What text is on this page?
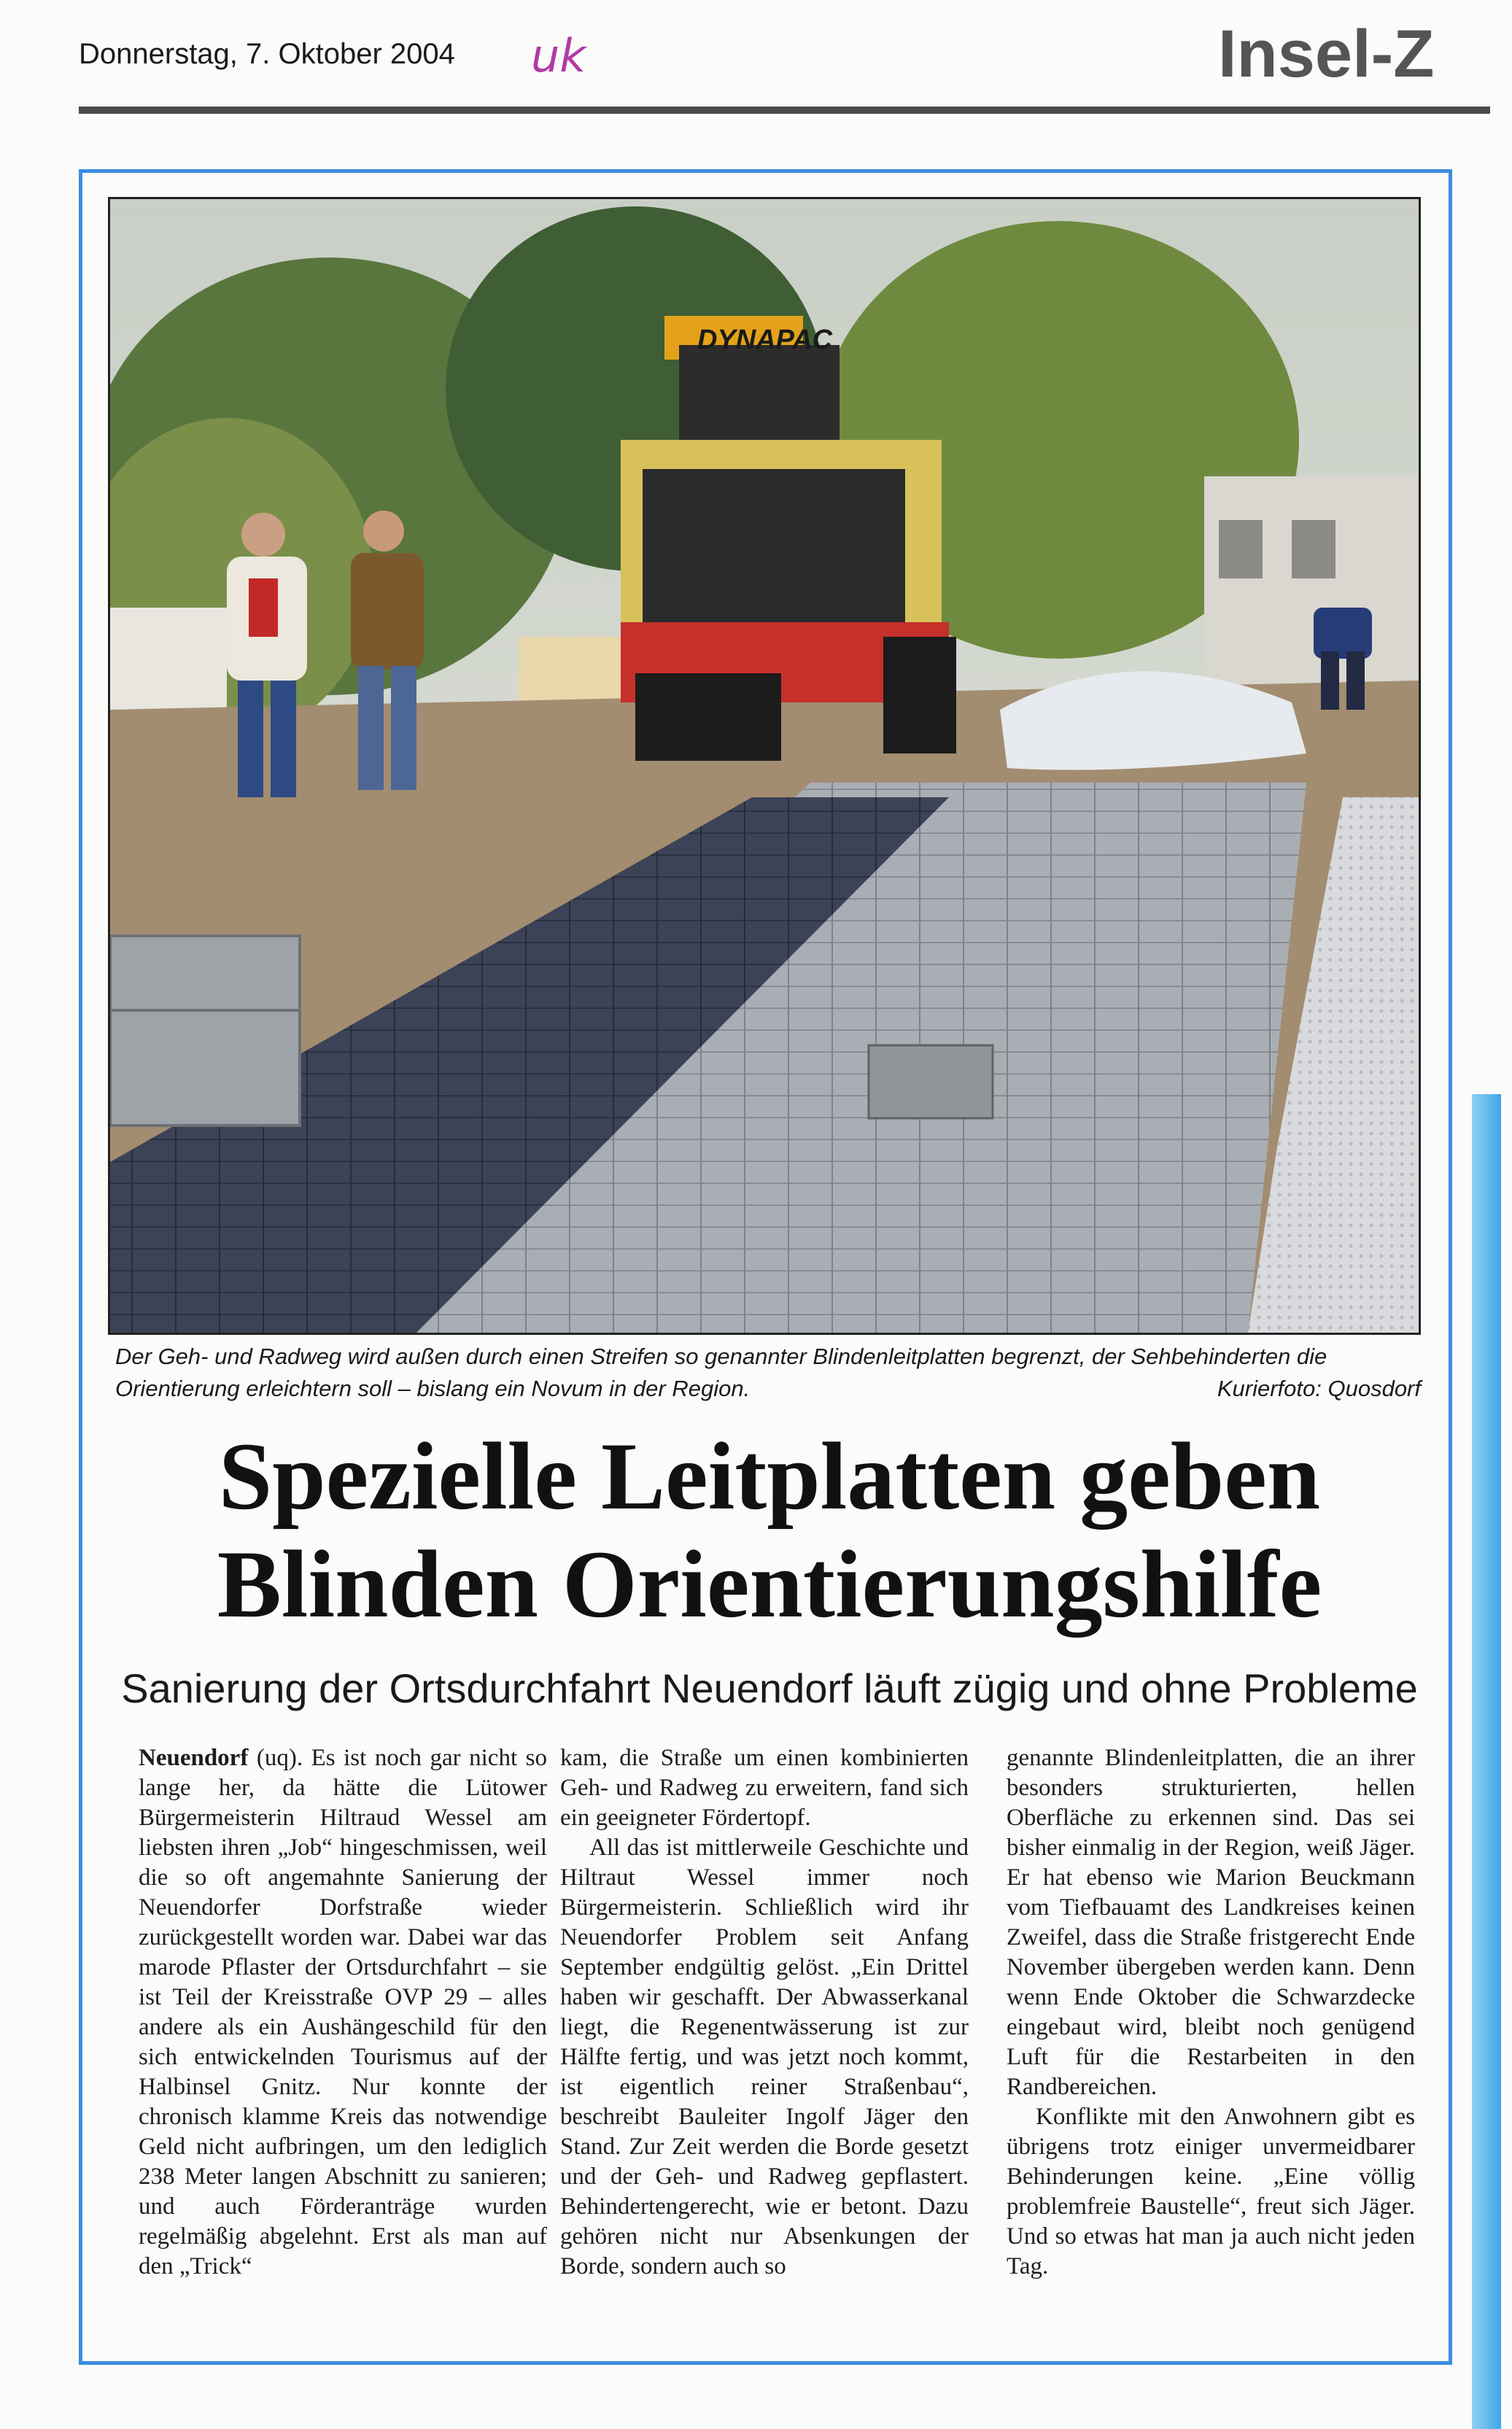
Donnerstag, 7. Oktober 2004 uk	Insel-Z
DYNAPAC
Der Geh- und Radweg wird außen durch einen Streifen so genannter Blindenleitplatten begrenzt, der Sehbehinderten die Orientierung erleichtern soll – bislang ein Novum in der Region.	Kurierfoto: Quosdorf
Spezielle Leitplatten geben
Blinden Orientierungshilfe
Sanierung der Ortsdurchfahrt Neuendorf läuft zügig und ohne Probleme

Neuendorf (uq). Es ist noch gar nicht so lange her, da hätte die Lütower Bürgermeisterin Hiltraud Wessel am liebsten ihren „Job“ hingeschmissen, weil die so oft angemahnte Sanierung der Neuendorfer Dorfstraße wieder zurückgestellt worden war. Dabei war das marode Pflaster der Ortsdurchfahrt – sie ist Teil der Kreisstraße OVP 29 – alles andere als ein Aushängeschild für den sich entwickelnden Tourismus auf der Halbinsel Gnitz. Nur konnte der chronisch klamme Kreis das notwendige Geld nicht aufbringen, um den lediglich 238 Meter langen Abschnitt zu sanieren; und auch Förderanträge wurden regelmäßig abgelehnt. Erst als man auf den „Trick“

kam, die Straße um einen kombinierten Geh- und Radweg zu erweitern, fand sich ein geeigneter Fördertopf.

All das ist mittlerweile Geschichte und Hiltraut Wessel immer noch Bürgermeisterin. Schließlich wird ihr Neuendorfer Problem seit Anfang September endgültig gelöst. „Ein Drittel haben wir geschafft. Der Abwasserkanal liegt, die Regenentwässerung ist zur Hälfte fertig, und was jetzt noch kommt, ist eigentlich reiner Straßenbau“, beschreibt Bauleiter Ingolf Jäger den Stand. Zur Zeit werden die Borde gesetzt und der Geh- und Radweg gepflastert. Behindertengerecht, wie er betont. Dazu gehören nicht nur Absenkungen der Borde, sondern auch so

genannte Blindenleitplatten, die an ihrer besonders strukturierten, hellen Oberfläche zu erkennen sind. Das sei bisher einmalig in der Region, weiß Jäger. Er hat ebenso wie Marion Beuckmann vom Tiefbauamt des Landkreises keinen Zweifel, dass die Straße fristgerecht Ende November übergeben werden kann. Denn wenn Ende Oktober die Schwarzdecke eingebaut wird, bleibt noch genügend Luft für die Restarbeiten in den Randbereichen.

Konflikte mit den Anwohnern gibt es übrigens trotz einiger unvermeidbarer Behinderungen keine. „Eine völlig problemfreie Baustelle“, freut sich Jäger. Und so etwas hat man ja auch nicht jeden Tag.
